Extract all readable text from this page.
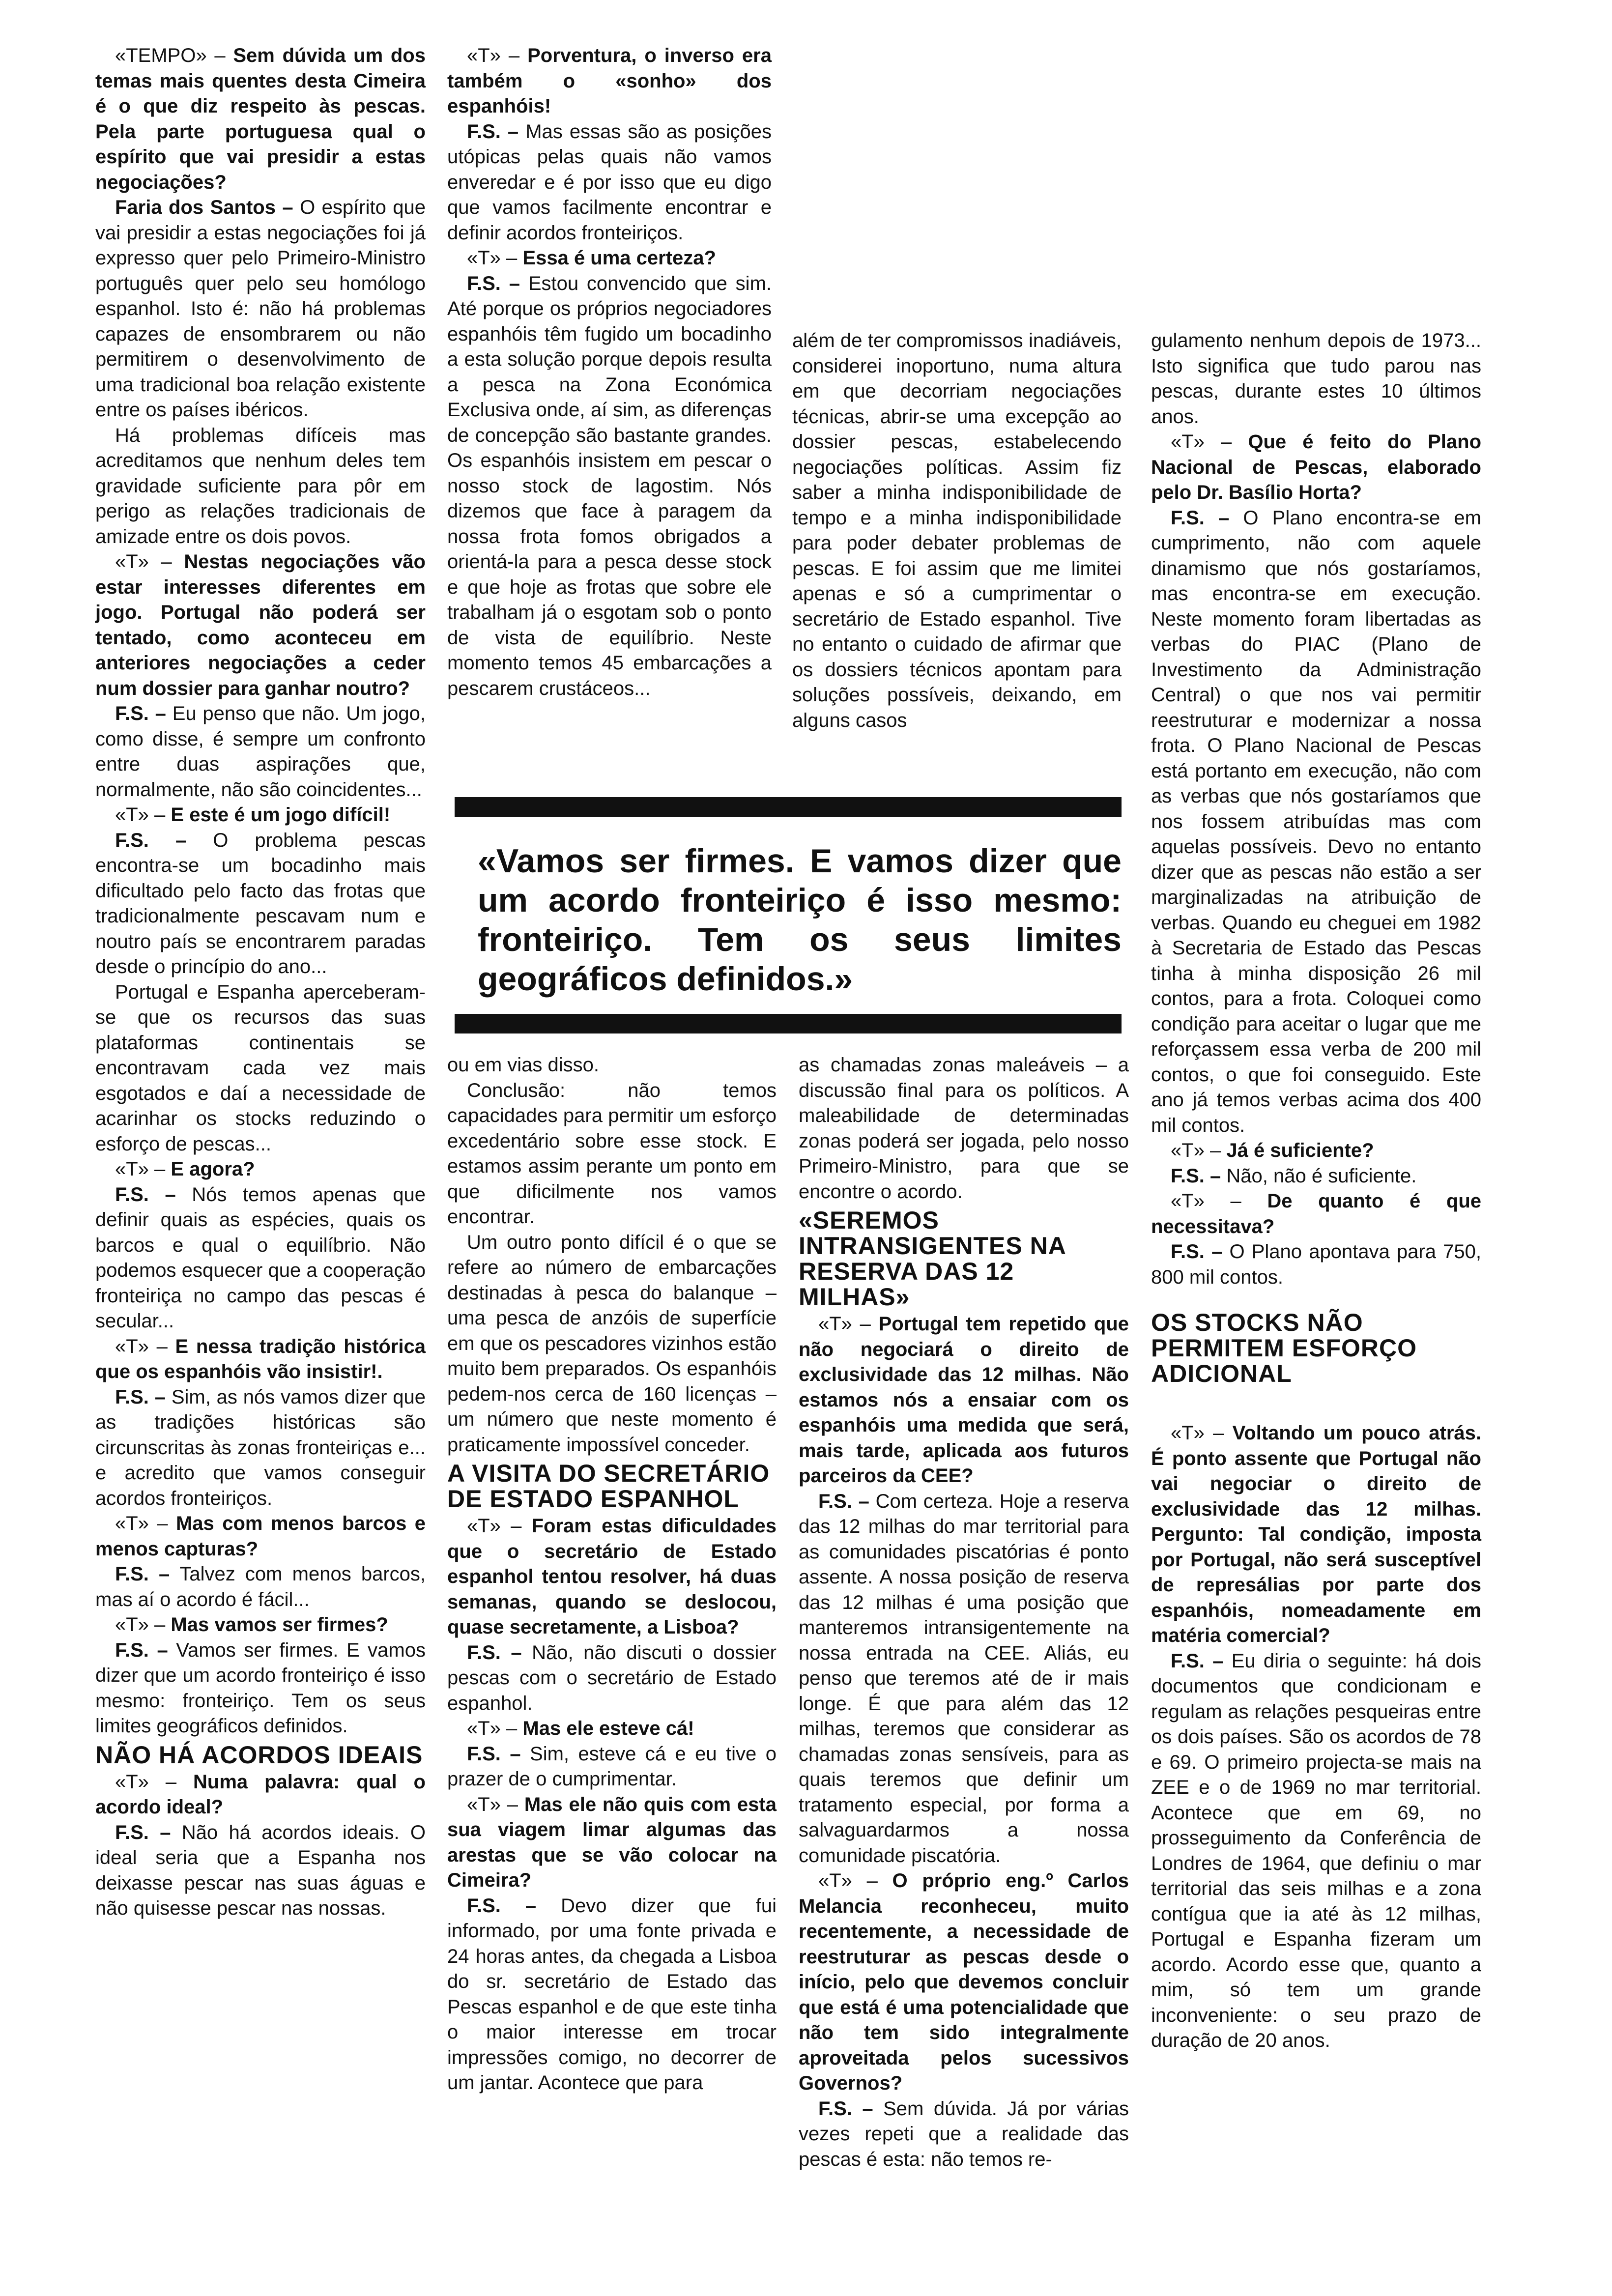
«TEMPO» – Sem dúvida um dos temas mais quentes desta Cimeira é o que diz respeito às pescas. Pela parte portuguesa qual o espírito que vai presidir a estas negociações?

Faria dos Santos – O espírito que vai presidir a estas negociações foi já expresso quer pelo Primeiro-Ministro português quer pelo seu homólogo espanhol. Isto é: não há problemas capazes de ensombrarem ou não permitirem o desenvolvimento de uma tradicional boa relação existente entre os países ibéricos.

Há problemas difíceis mas acreditamos que nenhum deles tem gravidade suficiente para pôr em perigo as relações tradicionais de amizade entre os dois povos.

«T» – Nestas negociações vão estar interesses diferentes em jogo. Portugal não poderá ser tentado, como aconteceu em anteriores negociações a ceder num dossier para ganhar noutro?

F.S. – Eu penso que não. Um jogo, como disse, é sempre um confronto entre duas aspirações que, normalmente, não são coincidentes...

«T» – E este é um jogo difícil!

F.S. – O problema pescas encontra-se um bocadinho mais dificultado pelo facto das frotas que tradicionalmente pescavam num e noutro país se encontrarem paradas desde o princípio do ano...

Portugal e Espanha aperceberam-se que os recursos das suas plataformas continentais se encontravam cada vez mais esgotados e daí a necessidade de acarinhar os stocks reduzindo o esforço de pescas...

«T» – E agora?

F.S. – Nós temos apenas que definir quais as espécies, quais os barcos e qual o equilíbrio. Não podemos esquecer que a cooperação fronteiriça no campo das pescas é secular...

«T» – E nessa tradição histórica que os espanhóis vão insistir!.

F.S. – Sim, as nós vamos dizer que as tradições históricas são circunscritas às zonas fronteiriças e... e acredito que vamos conseguir acordos fronteiriços.

«T» – Mas com menos barcos e menos capturas?

F.S. – Talvez com menos barcos, mas aí o acordo é fácil...

«T» – Mas vamos ser firmes?

F.S. – Vamos ser firmes. E vamos dizer que um acordo fronteiriço é isso mesmo: fronteiriço. Tem os seus limites geográficos definidos.

NÃO HÁ ACORDOS IDEAIS

«T» – Numa palavra: qual o acordo ideal?

F.S. – Não há acordos ideais. O ideal seria que a Espanha nos deixasse pescar nas suas águas e não quisesse pescar nas nossas.

«T» – Porventura, o inverso era também o «sonho» dos espanhóis!

F.S. – Mas essas são as posições utópicas pelas quais não vamos enveredar e é por isso que eu digo que vamos facilmente encontrar e definir acordos fronteiriços.

«T» – Essa é uma certeza?

F.S. – Estou convencido que sim. Até porque os próprios negociadores espanhóis têm fugido um bocadinho a esta solução porque depois resulta a pesca na Zona Económica Exclusiva onde, aí sim, as diferenças de concepção são bastante grandes. Os espanhóis insistem em pescar o nosso stock de lagostim. Nós dizemos que face à paragem da nossa frota fomos obrigados a orientá-la para a pesca desse stock e que hoje as frotas que sobre ele trabalham já o esgotam sob o ponto de vista de equilíbrio. Neste momento temos 45 embarcações a pescarem crustáceos...

além de ter compromissos inadiáveis, considerei inoportuno, numa altura em que decorriam negociações técnicas, abrir-se uma excepção ao dossier pescas, estabelecendo negociações políticas. Assim fiz saber a minha indisponibilidade de tempo e a minha indisponibilidade para poder debater problemas de pescas. E foi assim que me limitei apenas e só a cumprimentar o secretário de Estado espanhol. Tive no entanto o cuidado de afirmar que os dossiers técnicos apontam para soluções possíveis, deixando, em alguns casos

gulamento nenhum depois de 1973... Isto significa que tudo parou nas pescas, durante estes 10 últimos anos.

«T» – Que é feito do Plano Nacional de Pescas, elaborado pelo Dr. Basílio Horta?

F.S. – O Plano encontra-se em cumprimento, não com aquele dinamismo que nós gostaríamos, mas encontra-se em execução. Neste momento foram libertadas as verbas do PIAC (Plano de Investimento da Administração Central) o que nos vai permitir reestruturar e modernizar a nossa frota. O Plano Nacional de Pescas está portanto em execução, não com as verbas que nós gostaríamos que nos fossem atribuídas mas com aquelas possíveis. Devo no entanto dizer que as pescas não estão a ser marginalizadas na atribuição de verbas. Quando eu cheguei em 1982 à Secretaria de Estado das Pescas tinha à minha disposição 26 mil contos, para a frota. Coloquei como condição para aceitar o lugar que me reforçassem essa verba de 200 mil contos, o que foi conseguido. Este ano já temos verbas acima dos 400 mil contos.

«T» – Já é suficiente?

F.S. – Não, não é suficiente.

«T» – De quanto é que necessitava?

F.S. – O Plano apontava para 750, 800 mil contos.

OS STOCKS NÃO PERMITEM ESFORÇO ADICIONAL

«T» – Voltando um pouco atrás. É ponto assente que Portugal não vai negociar o direito de exclusividade das 12 milhas. Pergunto: Tal condição, imposta por Portugal, não será susceptível de represálias por parte dos espanhóis, nomeadamente em matéria comercial?

F.S. – Eu diria o seguinte: há dois documentos que condicionam e regulam as relações pesqueiras entre os dois países. São os acordos de 78 e 69. O primeiro projecta-se mais na ZEE e o de 1969 no mar territorial. Acontece que em 69, no prosseguimento da Conferência de Londres de 1964, que definiu o mar territorial das seis milhas e a zona contígua que ia até às 12 milhas, Portugal e Espanha fizeram um acordo. Acordo esse que, quanto a mim, só tem um grande inconveniente: o seu prazo de duração de 20 anos.

«Vamos ser firmes. E vamos dizer que um acordo fronteiriço é isso mesmo: fronteiriço. Tem os seus limites geográficos definidos.»

ou em vias disso.

Conclusão: não temos capacidades para permitir um esforço excedentário sobre esse stock. E estamos assim perante um ponto em que dificilmente nos vamos encontrar.

Um outro ponto difícil é o que se refere ao número de embarcações destinadas à pesca do balanque – uma pesca de anzóis de superfície em que os pescadores vizinhos estão muito bem preparados. Os espanhóis pedem-nos cerca de 160 licenças – um número que neste momento é praticamente impossível conceder.

A VISITA DO SECRETÁRIO DE ESTADO ESPANHOL

«T» – Foram estas dificuldades que o secretário de Estado espanhol tentou resolver, há duas semanas, quando se deslocou, quase secretamente, a Lisboa?

F.S. – Não, não discuti o dossier pescas com o secretário de Estado espanhol.

«T» – Mas ele esteve cá!

F.S. – Sim, esteve cá e eu tive o prazer de o cumprimentar.

«T» – Mas ele não quis com esta sua viagem limar algumas das arestas que se vão colocar na Cimeira?

F.S. – Devo dizer que fui informado, por uma fonte privada e 24 horas antes, da chegada a Lisboa do sr. secretário de Estado das Pescas espanhol e de que este tinha o maior interesse em trocar impressões comigo, no decorrer de um jantar. Acontece que para

as chamadas zonas maleáveis – a discussão final para os políticos. A maleabilidade de determinadas zonas poderá ser jogada, pelo nosso Primeiro-Ministro, para que se encontre o acordo.

«SEREMOS INTRANSIGENTES NA RESERVA DAS 12 MILHAS»

«T» – Portugal tem repetido que não negociará o direito de exclusividade das 12 milhas. Não estamos nós a ensaiar com os espanhóis uma medida que será, mais tarde, aplicada aos futuros parceiros da CEE?

F.S. – Com certeza. Hoje a reserva das 12 milhas do mar territorial para as comunidades piscatórias é ponto assente. A nossa posição de reserva das 12 milhas é uma posição que manteremos intransigentemente na nossa entrada na CEE. Aliás, eu penso que teremos até de ir mais longe. É que para além das 12 milhas, teremos que considerar as chamadas zonas sensíveis, para as quais teremos que definir um tratamento especial, por forma a salvaguardarmos a nossa comunidade piscatória.

«T» – O próprio eng.º Carlos Melancia reconheceu, muito recentemente, a necessidade de reestruturar as pescas desde o início, pelo que devemos concluir que está é uma potencialidade que não tem sido integralmente aproveitada pelos sucessivos Governos?

F.S. – Sem dúvida. Já por várias vezes repeti que a realidade das pescas é esta: não temos re-
